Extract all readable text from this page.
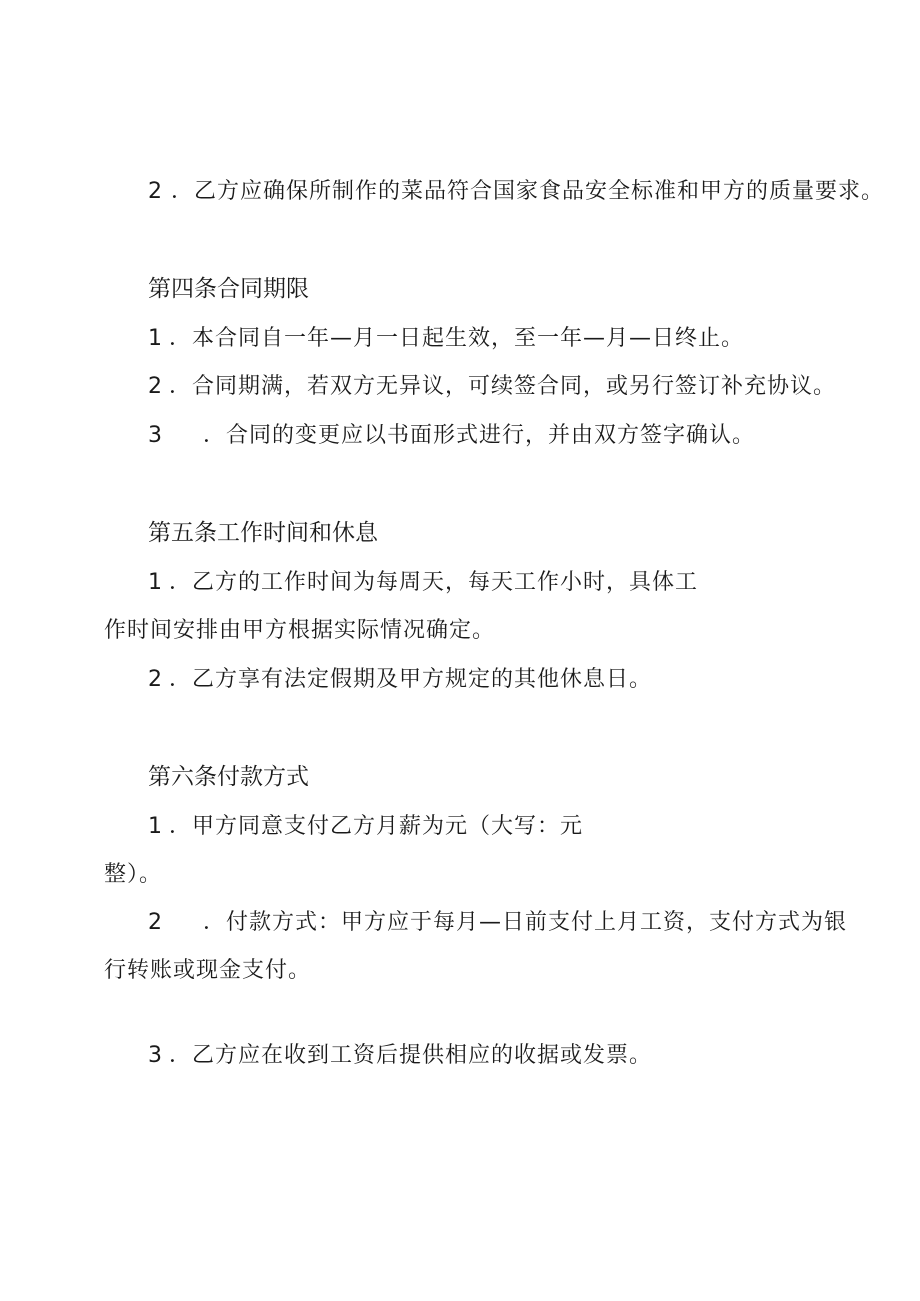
2 ．乙方应确保所制作的菜品符合国家食品安全标准和甲方的质量要求。
第四条合同期限
1 ．本合同自一年—月一日起生效，至一年—月—日终止。
2 ．合同期满，若双方无异议，可续签合同，或另行签订补充协议。
3 ．合同的变更应以书面形式进行，并由双方签字确认。
第五条工作时间和休息
1 ．乙方的工作时间为每周天，每天工作小时，具体工
作时间安排由甲方根据实际情况确定。
2 ．乙方享有法定假期及甲方规定的其他休息日。
第六条付款方式
1 ．甲方同意支付乙方月薪为元（大写：元
整）。
2 ．付款方式：甲方应于每月—日前支付上月工资，支付方式为银
行转账或现金支付。
3 ．乙方应在收到工资后提供相应的收据或发票。
